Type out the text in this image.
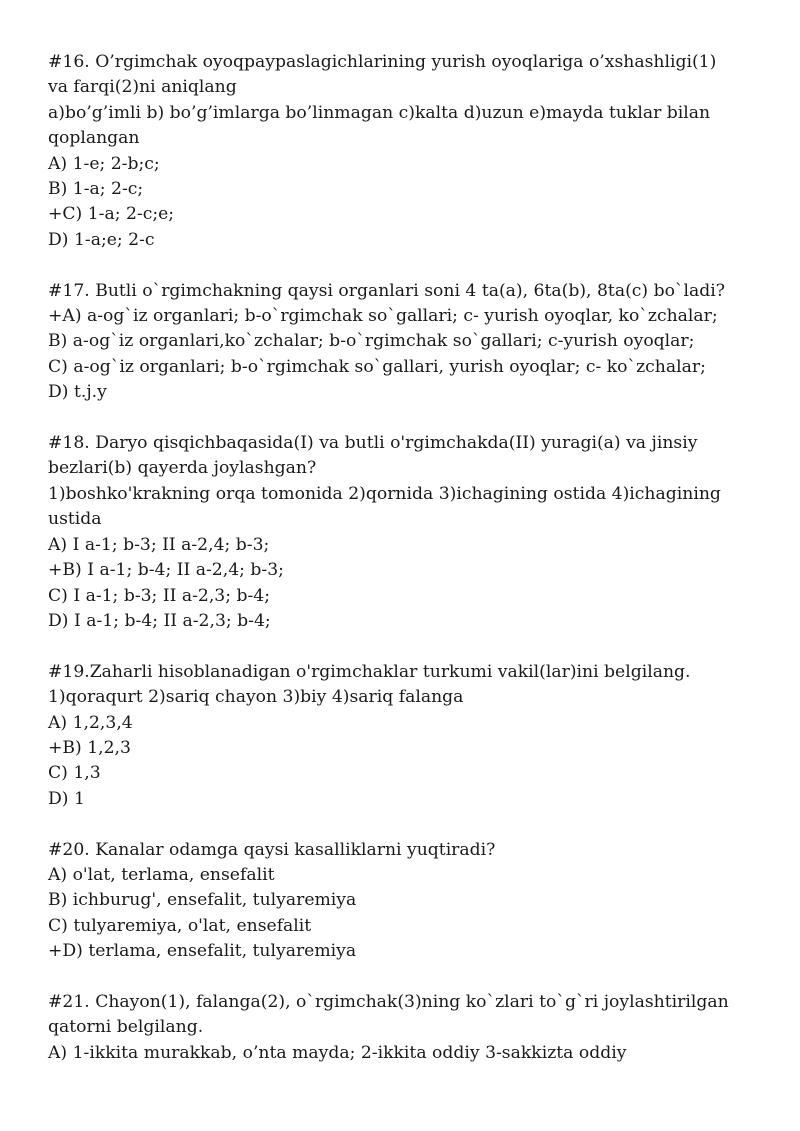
#16. O’rgimchak oyoqpaypaslagichlarining yurish oyoqlariga o’xshashligi(1)
va farqi(2)ni aniqlang
a)bo’g’imli b) bo’g’imlarga bo’linmagan c)kalta d)uzun e)mayda tuklar bilan
qoplangan
A) 1-e; 2-b;c;
B) 1-a; 2-c;
+C) 1-a; 2-c;e;
D) 1-a;e; 2-c
#17. Butli o`rgimchakning qaysi organlari soni 4 ta(a), 6ta(b), 8ta(c) bo`ladi?
+A) a-og`iz organlari; b-o`rgimchak so`gallari; c- yurish oyoqlar, ko`zchalar;
B) a-og`iz organlari,ko`zchalar; b-o`rgimchak so`gallari; c-yurish oyoqlar;
C) a-og`iz organlari; b-o`rgimchak so`gallari, yurish oyoqlar; c- ko`zchalar;
D) t.j.y
#18. Daryo qisqichbaqasida(I) va butli o'rgimchakda(II) yuragi(a) va jinsiy
bezlari(b) qayerda joylashgan?
1)boshko'krakning orqa tomonida 2)qornida 3)ichagining ostida 4)ichagining
ustida
A) I a-1; b-3; II a-2,4; b-3;
+B) I a-1; b-4; II a-2,4; b-3;
C) I a-1; b-3; II a-2,3; b-4;
D) I a-1; b-4; II a-2,3; b-4;
#19.Zaharli hisoblanadigan o'rgimchaklar turkumi vakil(lar)ini belgilang.
1)qoraqurt 2)sariq chayon 3)biy 4)sariq falanga
A) 1,2,3,4
+B) 1,2,3
C) 1,3
D) 1
#20. Kanalar odamga qaysi kasalliklarni yuqtiradi?
A) o'lat, terlama, ensefalit
B) ichburug', ensefalit, tulyaremiya
C) tulyaremiya, o'lat, ensefalit
+D) terlama, ensefalit, tulyaremiya
#21. Chayon(1), falanga(2), o`rgimchak(3)ning ko`zlari to`g`ri joylashtirilgan
qatorni belgilang.
A) 1-ikkita murakkab, o’nta mayda; 2-ikkita oddiy 3-sakkizta oddiy
